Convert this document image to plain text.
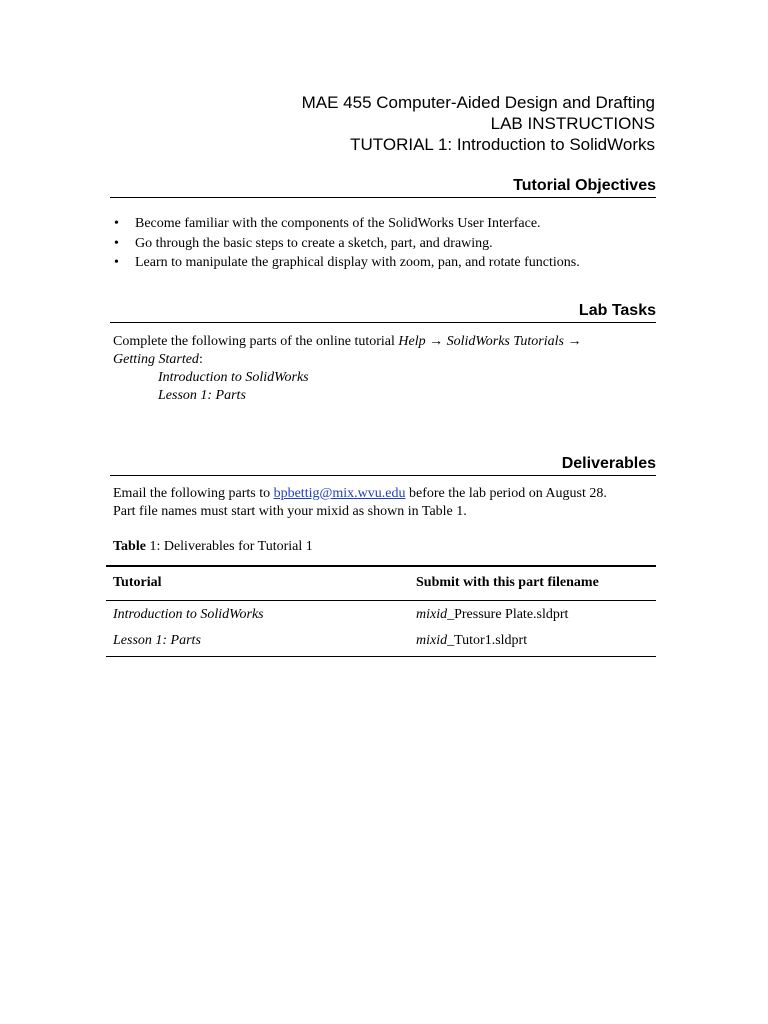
MAE 455 Computer-Aided Design and Drafting
LAB INSTRUCTIONS
TUTORIAL 1: Introduction to SolidWorks
Tutorial Objectives
• Become familiar with the components of the SolidWorks User Interface.
• Go through the basic steps to create a sketch, part, and drawing.
• Learn to manipulate the graphical display with zoom, pan, and rotate functions.
Lab Tasks
Complete the following parts of the online tutorial Help → SolidWorks Tutorials →
Getting Started:
Introduction to SolidWorks
Lesson 1: Parts
Deliverables
Email the following parts to bpbettig@mix.wvu.edu before the lab period on August 28.
Part file names must start with your mixid as shown in Table 1.
Table 1: Deliverables for Tutorial 1
Tutorial	Submit with this part filename
Introduction to SolidWorks	mixid_Pressure Plate.sldprt
Lesson 1: Parts	mixid_Tutor1.sldprt
